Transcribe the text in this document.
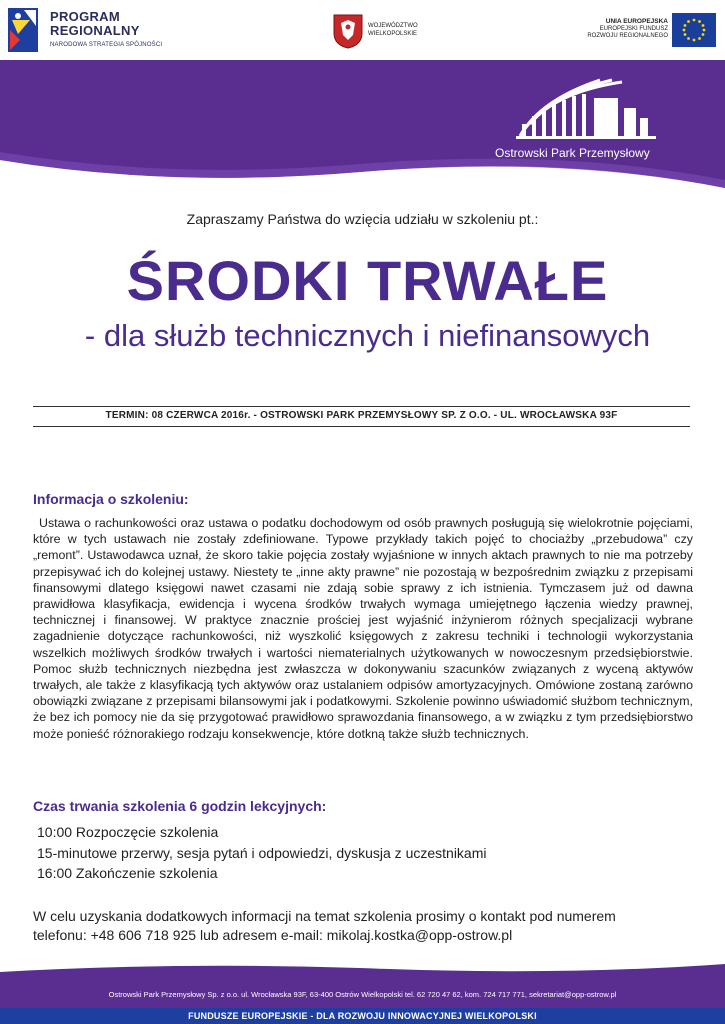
PROGRAM
REGIONALNY
NARODOWA STRATEGIA SPÓJNOŚCI
WOJEWÓDZTWO
WIELKOPOLSKIE
UNIA EUROPEJSKA
EUROPEJSKI FUNDUSZ
ROZWOJU REGIONALNEGO
Ostrowski Park Przemysłowy
Zapraszamy Państwa do wzięcia udziału w szkoleniu pt.:
ŚRODKI TRWAŁE
- dla służb technicznych i niefinansowych
TERMIN: 08 CZERWCA 2016r. - OSTROWSKI PARK PRZEMYSŁOWY SP. Z O.O. - UL. WROCŁAWSKA 93F
Informacja o szkoleniu:

Ustawa o rachunkowości oraz ustawa o podatku dochodowym od osób prawnych posługują się wielokrotnie pojęciami, które w tych ustawach nie zostały zdefiniowane. Typowe przykłady takich pojęć to chociażby „przebudowa” czy „remont”. Ustawodawca uznał, że skoro takie pojęcia zostały wyjaśnione w innych aktach prawnych to nie ma potrzeby przepisywać ich do kolejnej ustawy. Niestety te „inne akty prawne” nie pozostają w bezpośrednim związku z przepisami finansowymi dlatego księgowi nawet czasami nie zdają sobie sprawy z ich istnienia. Tymczasem już od dawna prawidłowa klasyfikacja, ewidencja i wycena środków trwałych wymaga umiejętnego łączenia wiedzy prawnej, technicznej i finansowej. W praktyce znacznie prościej jest wyjaśnić inżynierom różnych specjalizacji wybrane zagadnienie dotyczące rachunkowości, niż wyszkolić księgowych z zakresu techniki i technologii wykorzystania wszelkich możliwych środków trwałych i wartości niematerialnych użytkowanych w nowoczesnym przedsiębiorstwie. Pomoc służb technicznych niezbędna jest zwłaszcza w dokonywaniu szacunków związanych z wyceną aktywów trwałych, ale także z klasyfikacją tych aktywów oraz ustalaniem odpisów amortyzacyjnych. Omówione zostaną zarówno obowiązki związane z przepisami bilansowymi jak i podatkowymi. Szkolenie powinno uświadomić służbom technicznym, że bez ich pomocy nie da się przygotować prawidłowo sprawozdania finansowego, a w związku z tym przedsiębiorstwo może ponieść różnorakiego rodzaju konsekwencje, które dotkną także służb technicznych.

Czas trwania szkolenia 6 godzin lekcyjnych:
10:00 Rozpoczęcie szkolenia
15-minutowe przerwy, sesja pytań i odpowiedzi, dyskusja z uczestnikami
16:00 Zakończenie szkolenia
W celu uzyskania dodatkowych informacji na temat szkolenia prosimy o kontakt pod numerem
telefonu: +48 606 718 925 lub adresem e-mail: mikolaj.kostka@opp-ostrow.pl
Ostrowski Park Przemysłowy Sp. z o.o. ul. Wrocławska 93F, 63-400 Ostrów Wielkopolski tel. 62 720 47 62, kom. 724 717 771, sekretariat@opp-ostrow.pl
FUNDUSZE EUROPEJSKIE - DLA ROZWOJU INNOWACYJNEJ WIELKOPOLSKI
